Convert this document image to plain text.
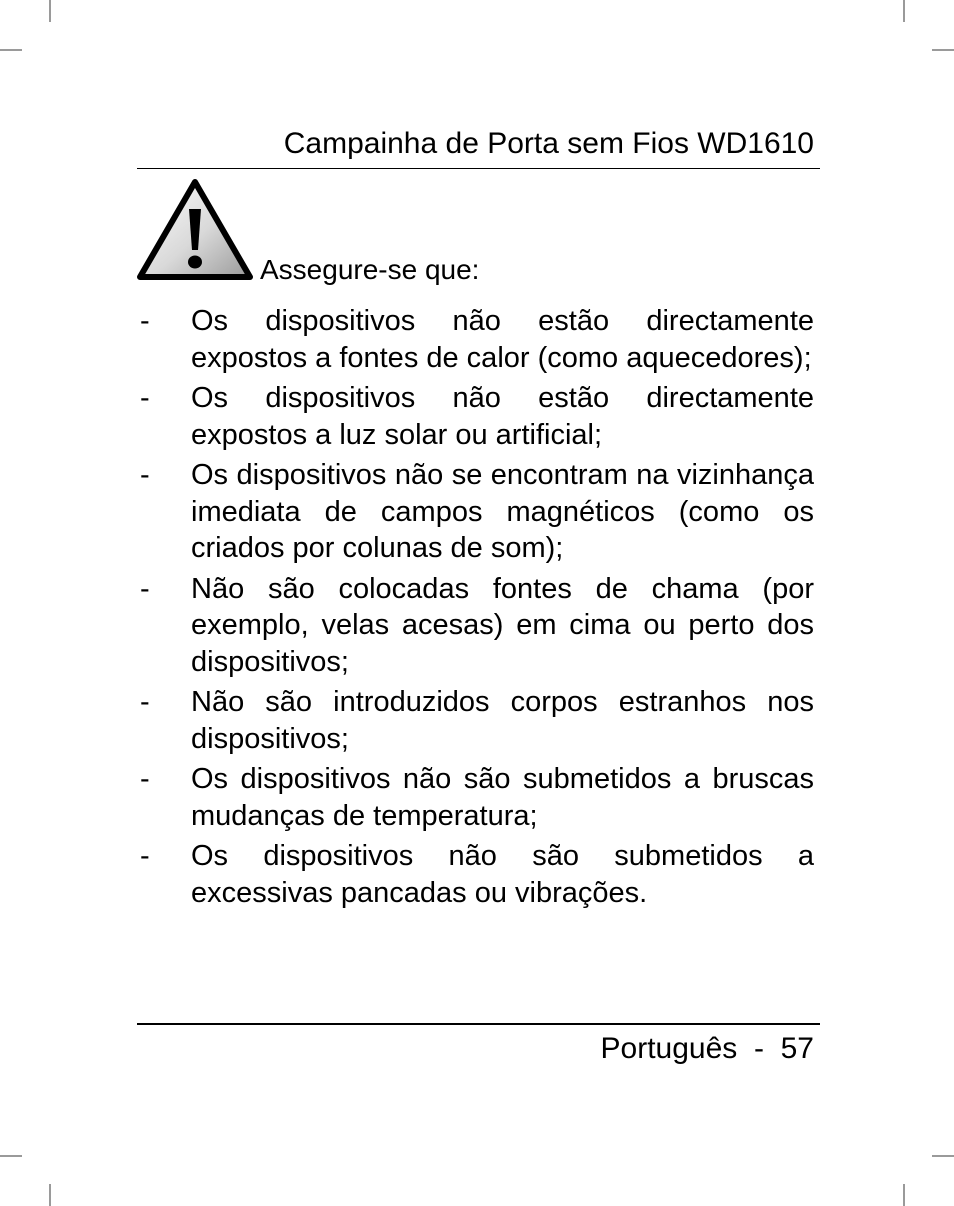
Campainha de Porta sem Fios WD1610
Assegure-se que:
-	Os dispositivos não estão directamente expostos a fontes de calor (como aquecedores);
-	Os dispositivos não estão directamente expostos a luz solar ou artificial;
-	Os dispositivos não se encontram na vizinhança imediata de campos magnéticos (como os criados por colunas de som);
-	Não são colocadas fontes de chama (por exemplo, velas acesas) em cima ou perto dos dispositivos;
-	Não são introduzidos corpos estranhos nos dispositivos;
-	Os dispositivos não são submetidos a bruscas mudanças de temperatura;
-	Os dispositivos não são submetidos a excessivas pancadas ou vibrações.
Português  -  57
